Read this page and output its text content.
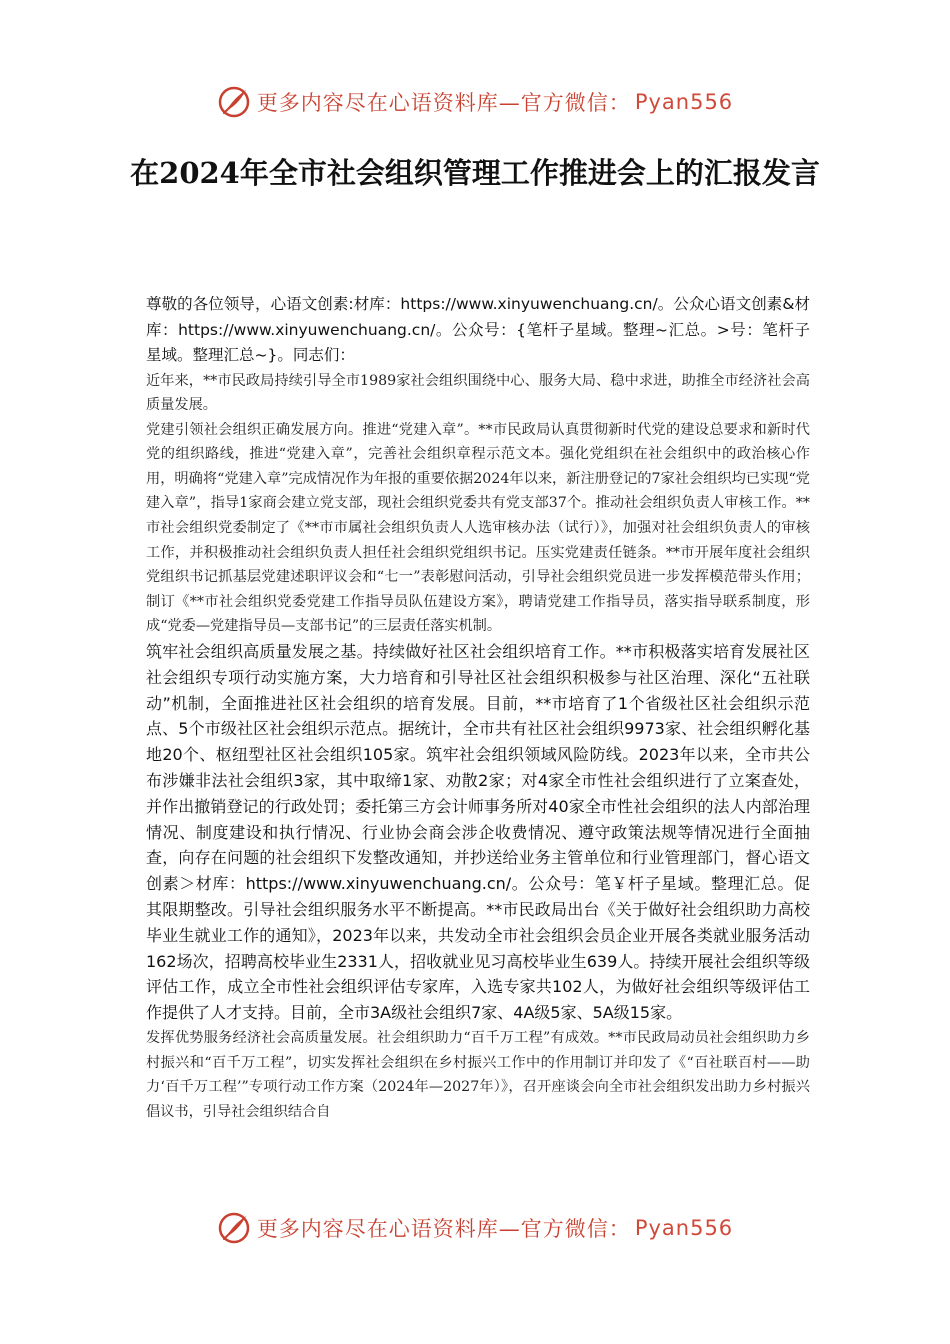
更多内容尽在心语资料库—官方微信： Pyan556
在2024年全市社会组织管理工作推进会上的汇报发言

尊敬的各位领导，心语文创素:材库：https://www.xinyuwenchuang.cn/。公众心语文创素&材库：https://www.xinyuwenchuang.cn/。公众号：{笔杆子星域。整理~汇总。>号：笔杆子星域。整理汇总~}。同志们：

近年来，**市民政局持续引导全市1989家社会组织围绕中心、服务大局、稳中求进，助推全市经济社会高质量发展。

党建引领社会组织正确发展方向。推进“党建入章”。**市民政局认真贯彻新时代党的建设总要求和新时代党的组织路线，推进“党建入章”，完善社会组织章程示范文本。强化党组织在社会组织中的政治核心作用，明确将“党建入章”完成情况作为年报的重要依据2024年以来，新注册登记的7家社会组织均已实现“党建入章”，指导1家商会建立党支部，现社会组织党委共有党支部37个。推动社会组织负责人审核工作。**市社会组织党委制定了《**市市属社会组织负责人人选审核办法（试行）》，加强对社会组织负责人的审核工作，并积极推动社会组织负责人担任社会组织党组织书记。压实党建责任链条。**市开展年度社会组织党组织书记抓基层党建述职评议会和“七一”表彰慰问活动，引导社会组织党员进一步发挥模范带头作用；制订《**市社会组织党委党建工作指导员队伍建设方案》，聘请党建工作指导员，落实指导联系制度，形成“党委—党建指导员—支部书记”的三层责任落实机制。

筑牢社会组织高质量发展之基。持续做好社区社会组织培育工作。**市积极落实培育发展社区社会组织专项行动实施方案，大力培育和引导社区社会组织积极参与社区治理、深化“五社联动”机制，全面推进社区社会组织的培育发展。目前，**市培育了1个省级社区社会组织示范点、5个市级社区社会组织示范点。据统计，全市共有社区社会组织9973家、社会组织孵化基地20个、枢纽型社区社会组织105家。筑牢社会组织领域风险防线。2023年以来，全市共公布涉嫌非法社会组织3家，其中取缔1家、劝散2家；对4家全市性社会组织进行了立案查处，并作出撤销登记的行政处罚；委托第三方会计师事务所对40家全市性社会组织的法人内部治理情况、制度建设和执行情况、行业协会商会涉企收费情况、遵守政策法规等情况进行全面抽查，向存在问题的社会组织下发整改通知，并抄送给业务主管单位和行业管理部门，督心语文创素＞材库：https://www.xinyuwenchuang.cn/。公众号：笔￥杆子星域。整理汇总。促其限期整改。引导社会组织服务水平不断提高。**市民政局出台《关于做好社会组织助力高校毕业生就业工作的通知》，2023年以来，共发动全市社会组织会员企业开展各类就业服务活动162场次，招聘高校毕业生2331人，招收就业见习高校毕业生639人。持续开展社会组织等级评估工作，成立全市性社会组织评估专家库，入选专家共102人，为做好社会组织等级评估工作提供了人才支持。目前，全市3A级社会组织7家、4A级5家、5A级15家。

发挥优势服务经济社会高质量发展。社会组织助力“百千万工程”有成效。**市民政局动员社会组织助力乡村振兴和“百千万工程”，切实发挥社会组织在乡村振兴工作中的作用制订并印发了《“百社联百村——助力‘百千万工程’”专项行动工作方案（2024年—2027年）》，召开座谈会向全市社会组织发出助力乡村振兴倡议书，引导社会组织结合自

更多内容尽在心语资料库—官方微信： Pyan556
